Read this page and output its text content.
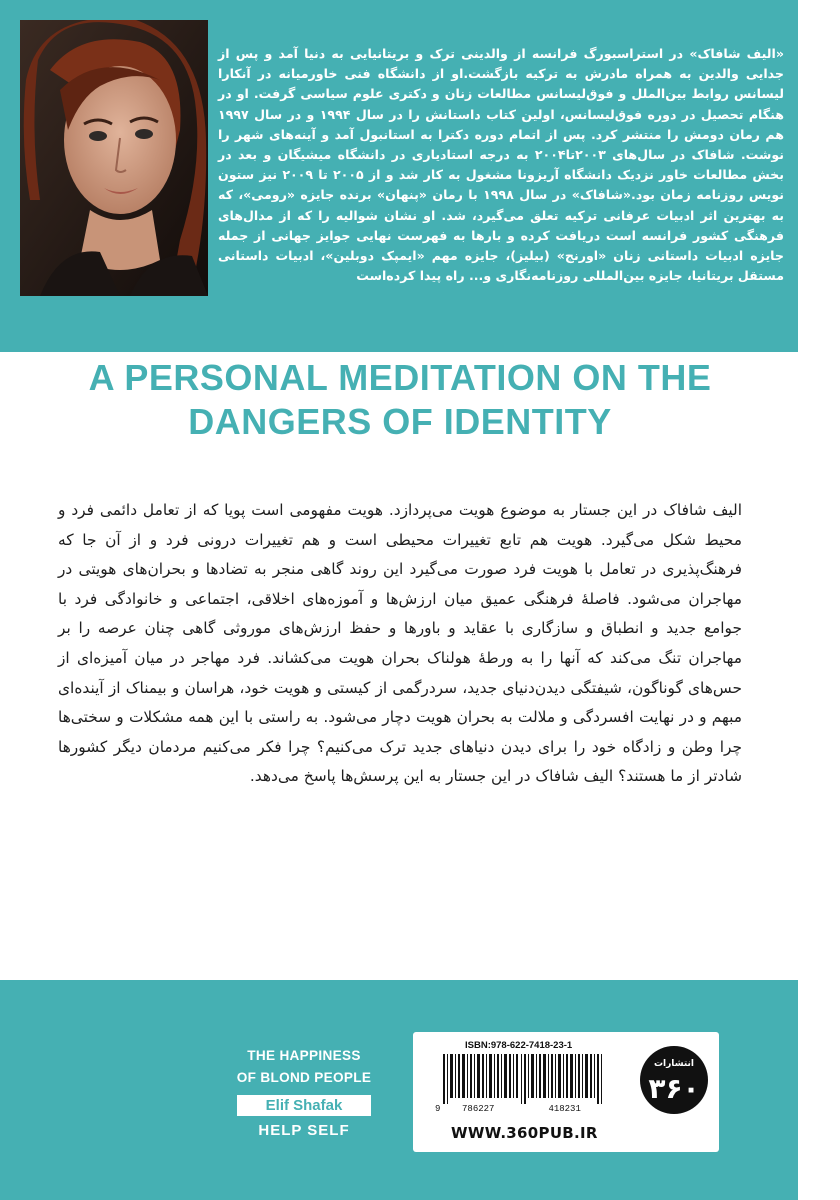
«الیف شافاک» در استراسبورگ فرانسه از والدینی ترک و بریتانیایی به دنیا آمد و پس از جدایی والدین به همراه مادرش به ترکیه بازگشت.او از دانشگاه فنی خاورمیانه در آنکارا لیسانس روابط بین‌الملل و فوق‌لیسانس مطالعات زنان و دکتری علوم سیاسی گرفت. او در هنگام تحصیل در دوره فوق‌لیسانس، اولین کتاب داستانش را در سال ۱۹۹۴ و در سال ۱۹۹۷ هم رمان دومش را منتشر کرد. پس از اتمام دوره دکترا به استانبول آمد و آینه‌های شهر را نوشت. شافاک در سال‌های ۲۰۰۳تا۲۰۰۴ به درجه استادیاری در دانشگاه میشیگان و بعد در بخش مطالعات خاور نزدیک دانشگاه آریزونا مشغول به کار شد و از ۲۰۰۵ تا ۲۰۰۹ نیز ستون نویس روزنامه زمان بود.«شافاک» در سال ۱۹۹۸ با رمان «پنهان» برنده جایزه «رومی»، که به بهترین اثر ادبیات عرفانی ترکیه تعلق می‌گیرد، شد. او نشان شوالیه را که از مدال‌های فرهنگی کشور فرانسه است دریافت کرده و بارها به فهرست نهایی جوایز جهانی از جمله جایزه ادبیات داستانی زنان «اورنج» (بیلیز)، جایزه مهم «ایمپک دوبلین»، ادبیات داستانی مستقل بریتانیا، جایزه بین‌المللی روزنامه‌نگاری و... راه پیدا کرده‌است

A PERSONAL MEDITATION ON THE
DANGERS OF IDENTITY

الیف شافاک در این جستار به موضوع هویت می‌پردازد. هویت مفهومی است پویا که از تعامل دائمی فرد و محیط شکل می‌گیرد. هویت هم تابع تغییرات محیطی است و هم تغییرات درونی فرد و از آن جا که فرهنگ‌پذیری در تعامل با هویت فرد صورت می‌گیرد این روند گاهی منجر به تضادها و بحران‌های هویتی در مهاجران می‌شود. فاصلهٔ فرهنگی عمیق میان ارزش‌ها و آموزه‌های اخلاقی، اجتماعی و خانوادگی فرد با جوامع جدید و انطباق و سازگاری با عقاید و باورها و حفظ ارزش‌های موروثی گاهی چنان عرصه را بر مهاجران تنگ می‌کند که آنها را به ورطهٔ هولناک بحران هویت می‌کشاند. فرد مهاجر در میان آمیزه‌ای از حس‌های گوناگون، شیفتگی دیدن‌دنیای جدید، سردرگمی از کیستی و هویت خود، هراسان و بیمناک از آینده‌ای مبهم و در نهایت افسردگی و ملالت به بحران هویت دچار می‌شود. به راستی با این همه مشکلات و سختی‌ها چرا وطن و زادگاه خود را برای دیدن دنیاهای جدید ترک می‌کنیم؟ چرا فکر می‌کنیم مردمان دیگر کشورها شادتر از ما هستند؟ الیف شافاک در این جستار به این پرسش‌ها پاسخ می‌دهد.

THE HAPPINESS
OF BLOND PEOPLE
Elif Shafak
HELP SELF
ISBN:978-622-7418-23-1
9 786227	418231
WWW.360PUB.IR
انتشارات
۳۶۰
